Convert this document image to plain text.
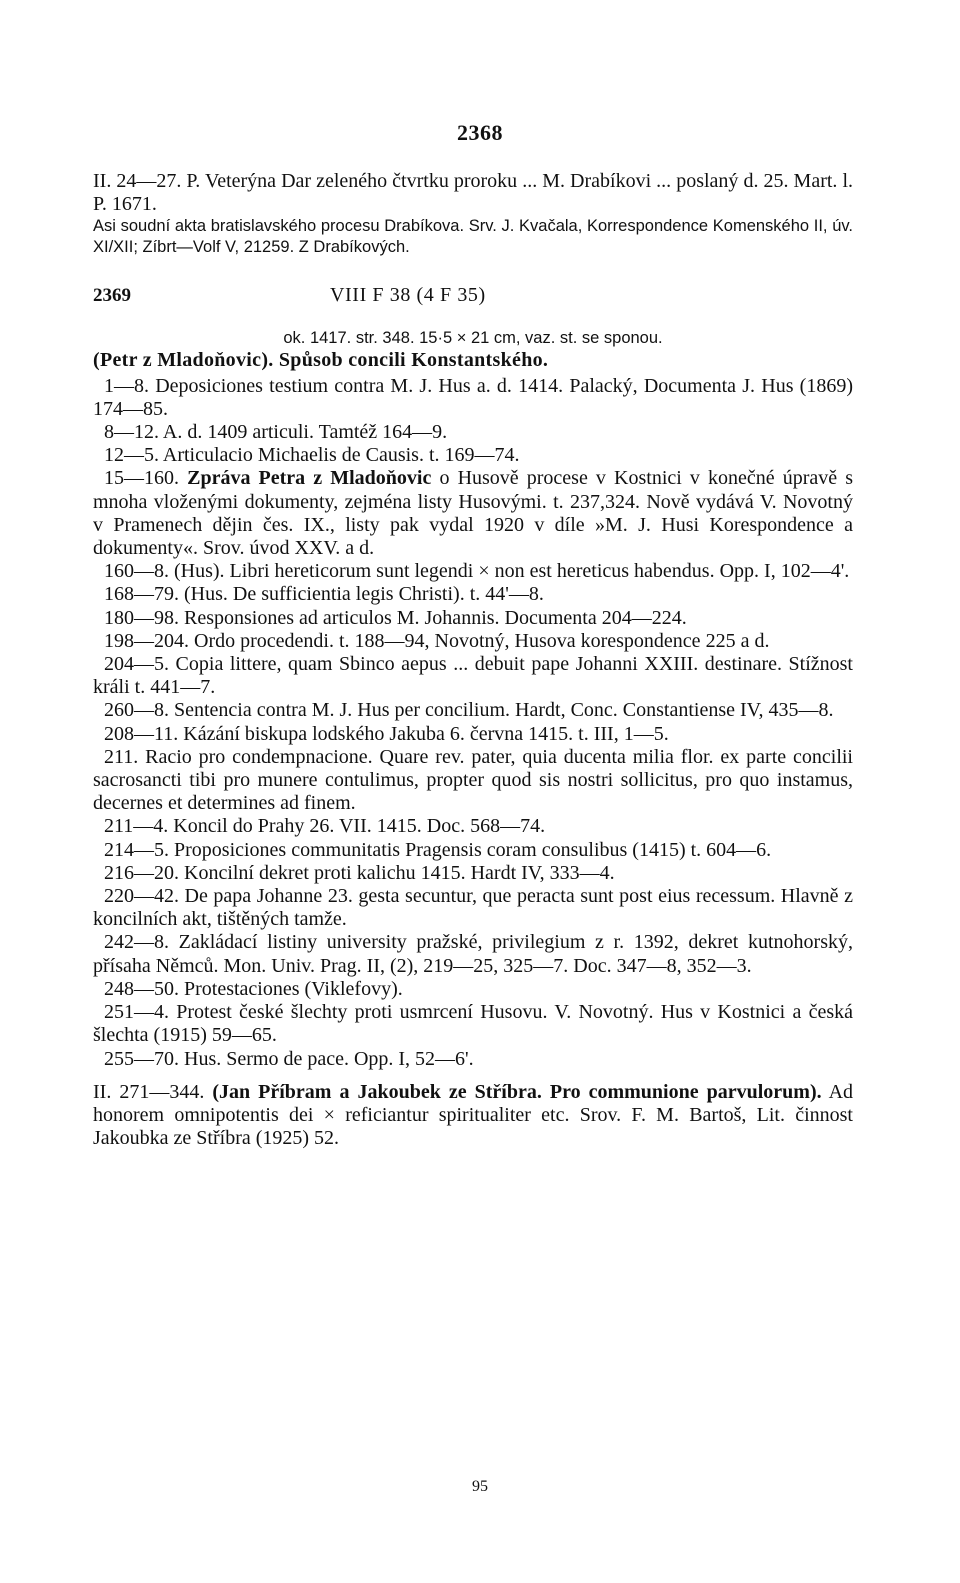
2368

II. 24—27. P. Veterýna Dar zeleného čtvrtku proroku ... M. Drabíkovi ... poslaný d. 25. Mart. l. P. 1671.

Asi soudní akta bratislavského procesu Drabíkova. Srv. J. Kvačala, Korrespondence Komenského II, úv. XI/XII; Zíbrt—Volf V, 21259. Z Drabíkových.

2369	VIII F 38 (4 F 35)

ok. 1417. str. 348. 15·5 × 21 cm, vaz. st. se sponou.

(Petr z Mladoňovic). Spůsob concili Konstantského.

1—8. Deposiciones testium contra M. J. Hus a. d. 1414. Palacký, Documenta J. Hus (1869) 174—85.

8—12. A. d. 1409 articuli. Tamtéž 164—9.

12—5. Articulacio Michaelis de Causis. t. 169—74.

15—160. Zpráva Petra z Mladoňovic o Husově procese v Kostnici v konečné úpravě s mnoha vloženými dokumenty, zejména listy Husovými. t. 237,324. Nově vydává V. Novotný v Pramenech dějin čes. IX., listy pak vydal 1920 v díle »M. J. Husi Korespondence a dokumenty«. Srov. úvod XXV. a d.

160—8. (Hus). Libri hereticorum sunt legendi × non est hereticus habendus. Opp. I, 102—4'.

168—79. (Hus. De sufficientia legis Christi). t. 44'—8.

180—98. Responsiones ad articulos M. Johannis. Documenta 204—224.

198—204. Ordo procedendi. t. 188—94, Novotný, Husova korespondence 225 a d.

204—5. Copia littere, quam Sbinco aepus ... debuit pape Johanni XXIII. destinare. Stížnost králi t. 441—7.

260—8. Sentencia contra M. J. Hus per concilium. Hardt, Conc. Constantiense IV, 435—8.

208—11. Kázání biskupa lodského Jakuba 6. června 1415. t. III, 1—5.

211. Racio pro condempnacione. Quare rev. pater, quia ducenta milia flor. ex parte concilii sacrosancti tibi pro munere contulimus, propter quod sis nostri sollicitus, pro quo instamus, decernes et determines ad finem.

211—4. Koncil do Prahy 26. VII. 1415. Doc. 568—74.

214—5. Proposiciones communitatis Pragensis coram consulibus (1415) t. 604—6.

216—20. Koncilní dekret proti kalichu 1415. Hardt IV, 333—4.

220—42. De papa Johanne 23. gesta secuntur, que peracta sunt post eius recessum. Hlavně z koncilních akt, tištěných tamže.

242—8. Zakládací listiny university pražské, privilegium z r. 1392, dekret kutnohorský, přísaha Němců. Mon. Univ. Prag. II, (2), 219—25, 325—7. Doc. 347—8, 352—3.

248—50. Protestaciones (Viklefovy).

251—4. Protest české šlechty proti usmrcení Husovu. V. Novotný. Hus v Kostnici a česká šlechta (1915) 59—65.

255—70. Hus. Sermo de pace. Opp. I, 52—6'.

II. 271—344. (Jan Příbram a Jakoubek ze Stříbra. Pro communione parvulorum). Ad honorem omnipotentis dei × reficiantur spiritualiter etc. Srov. F. M. Bartoš, Lit. činnost Jakoubka ze Stříbra (1925) 52.

95
